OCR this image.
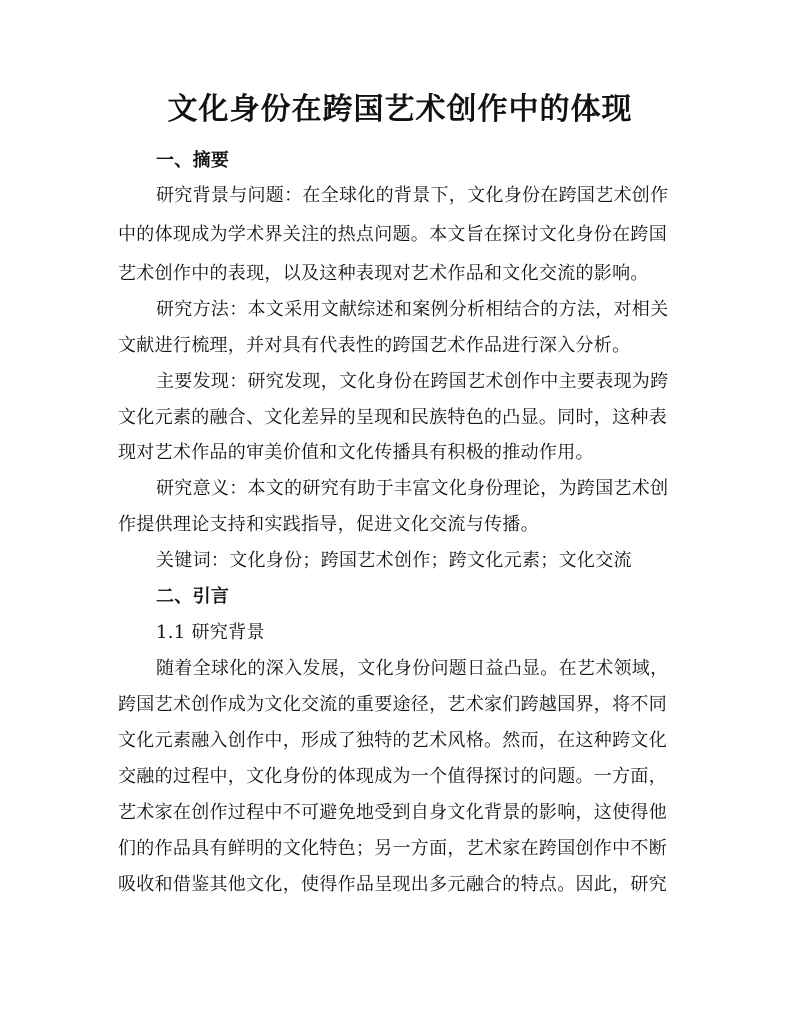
文化身份在跨国艺术创作中的体现
一、摘要
研究背景与问题：在全球化的背景下，文化身份在跨国艺术创作
中的体现成为学术界关注的热点问题。本文旨在探讨文化身份在跨国
艺术创作中的表现，以及这种表现对艺术作品和文化交流的影响。
研究方法：本文采用文献综述和案例分析相结合的方法，对相关
文献进行梳理，并对具有代表性的跨国艺术作品进行深入分析。
主要发现：研究发现，文化身份在跨国艺术创作中主要表现为跨
文化元素的融合、文化差异的呈现和民族特色的凸显。同时，这种表
现对艺术作品的审美价值和文化传播具有积极的推动作用。
研究意义：本文的研究有助于丰富文化身份理论，为跨国艺术创
作提供理论支持和实践指导，促进文化交流与传播。
关键词：文化身份；跨国艺术创作；跨文化元素；文化交流
二、引言
1.1 研究背景
随着全球化的深入发展，文化身份问题日益凸显。在艺术领域，
跨国艺术创作成为文化交流的重要途径，艺术家们跨越国界，将不同
文化元素融入创作中，形成了独特的艺术风格。然而，在这种跨文化
交融的过程中，文化身份的体现成为一个值得探讨的问题。一方面，
艺术家在创作过程中不可避免地受到自身文化背景的影响，这使得他
们的作品具有鲜明的文化特色；另一方面，艺术家在跨国创作中不断
吸收和借鉴其他文化，使得作品呈现出多元融合的特点。因此，研究
